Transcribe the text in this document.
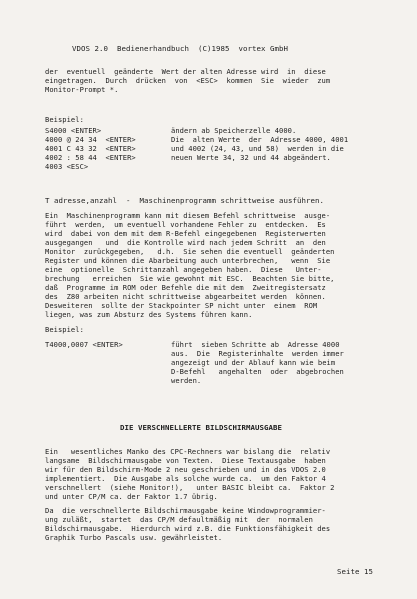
VDOS 2.0  Bedienerhandbuch  (C)1985  vortex GmbH
der  eventuell  geänderte  Wert der alten Adresse wird  in  diese
eingetragen.  Durch  drücken  von  <ESC>  kommen  Sie  wieder  zum
Monitor-Prompt *.
Beispiel:
S4000 <ENTER>
4000 @ 24 34  <ENTER>
4001 C 43 32  <ENTER>
4002 : 58 44  <ENTER>
4003 <ESC>
ändern ab Speicherzelle 4000.
Die  alten Werte  der  Adresse 4000, 4001
und 4002 (24, 43, und 58)  werden in die
neuen Werte 34, 32 und 44 abgeändert.
T adresse,anzahl  -  Maschinenprogramm schrittweise ausführen.
Ein  Maschinenprogramm kann mit diesem Befehl schrittweise  ausge-
führt  werden,  um eventuell vorhandene Fehler zu  entdecken.  Es
wird  dabei von dem mit dem R-Befehl eingegebenen  Registerwerten
ausgegangen   und  die Kontrolle wird nach jedem Schritt  an  den
Monitor  zurückgegeben,   d.h.  Sie sehen die eventuell  geänderten
Register und können die Abarbeitung auch unterbrechen,   wenn  Sie
eine  optionelle  Schrittanzahl angegeben haben.  Diese   Unter-
brechung   erreichen  Sie wie gewohnt mit ESC.  Beachten Sie bitte,
daß  Programme im ROM oder Befehle die mit dem  Zweitregistersatz
des  Z80 arbeiten nicht schrittweise abgearbeitet werden  können.
Desweiteren  sollte der Stackpointer SP nicht unter  einem  ROM
liegen, was zum Absturz des Systems führen kann.
Beispiel:
T4000,0007 <ENTER>	führt  sieben Schritte ab  Adresse 4000
aus.  Die  Registerinhalte  werden immer
angezeigt und der Ablauf kann wie beim
D-Befehl   angehalten  oder  abgebrochen
werden.
DIE VERSCHNELLERTE BILDSCHIRMAUSGABE
Ein   wesentliches Manko des CPC-Rechners war bislang die  relativ
langsame  Bildschirmausgabe von Texten.  Diese Textausgabe  haben
wir für den Bildschirm-Mode 2 neu geschrieben und in das VDOS 2.0
implementiert.  Die Ausgabe als solche wurde ca.  um den Faktor 4
verschnellert  (siehe Monitor!),   unter BASIC bleibt ca.  Faktor 2
und unter CP/M ca. der Faktor 1.7 übrig.
Da  die verschnellerte Bildschirmausgabe keine Windowprogrammier-
ung zuläßt,  startet  das CP/M defaultmäßig mit  der  normalen
Bildschirmausgabe.  Hierdurch wird z.B. die Funktionsfähigkeit des
Graphik Turbo Pascals usw. gewährleistet.
Seite 15
